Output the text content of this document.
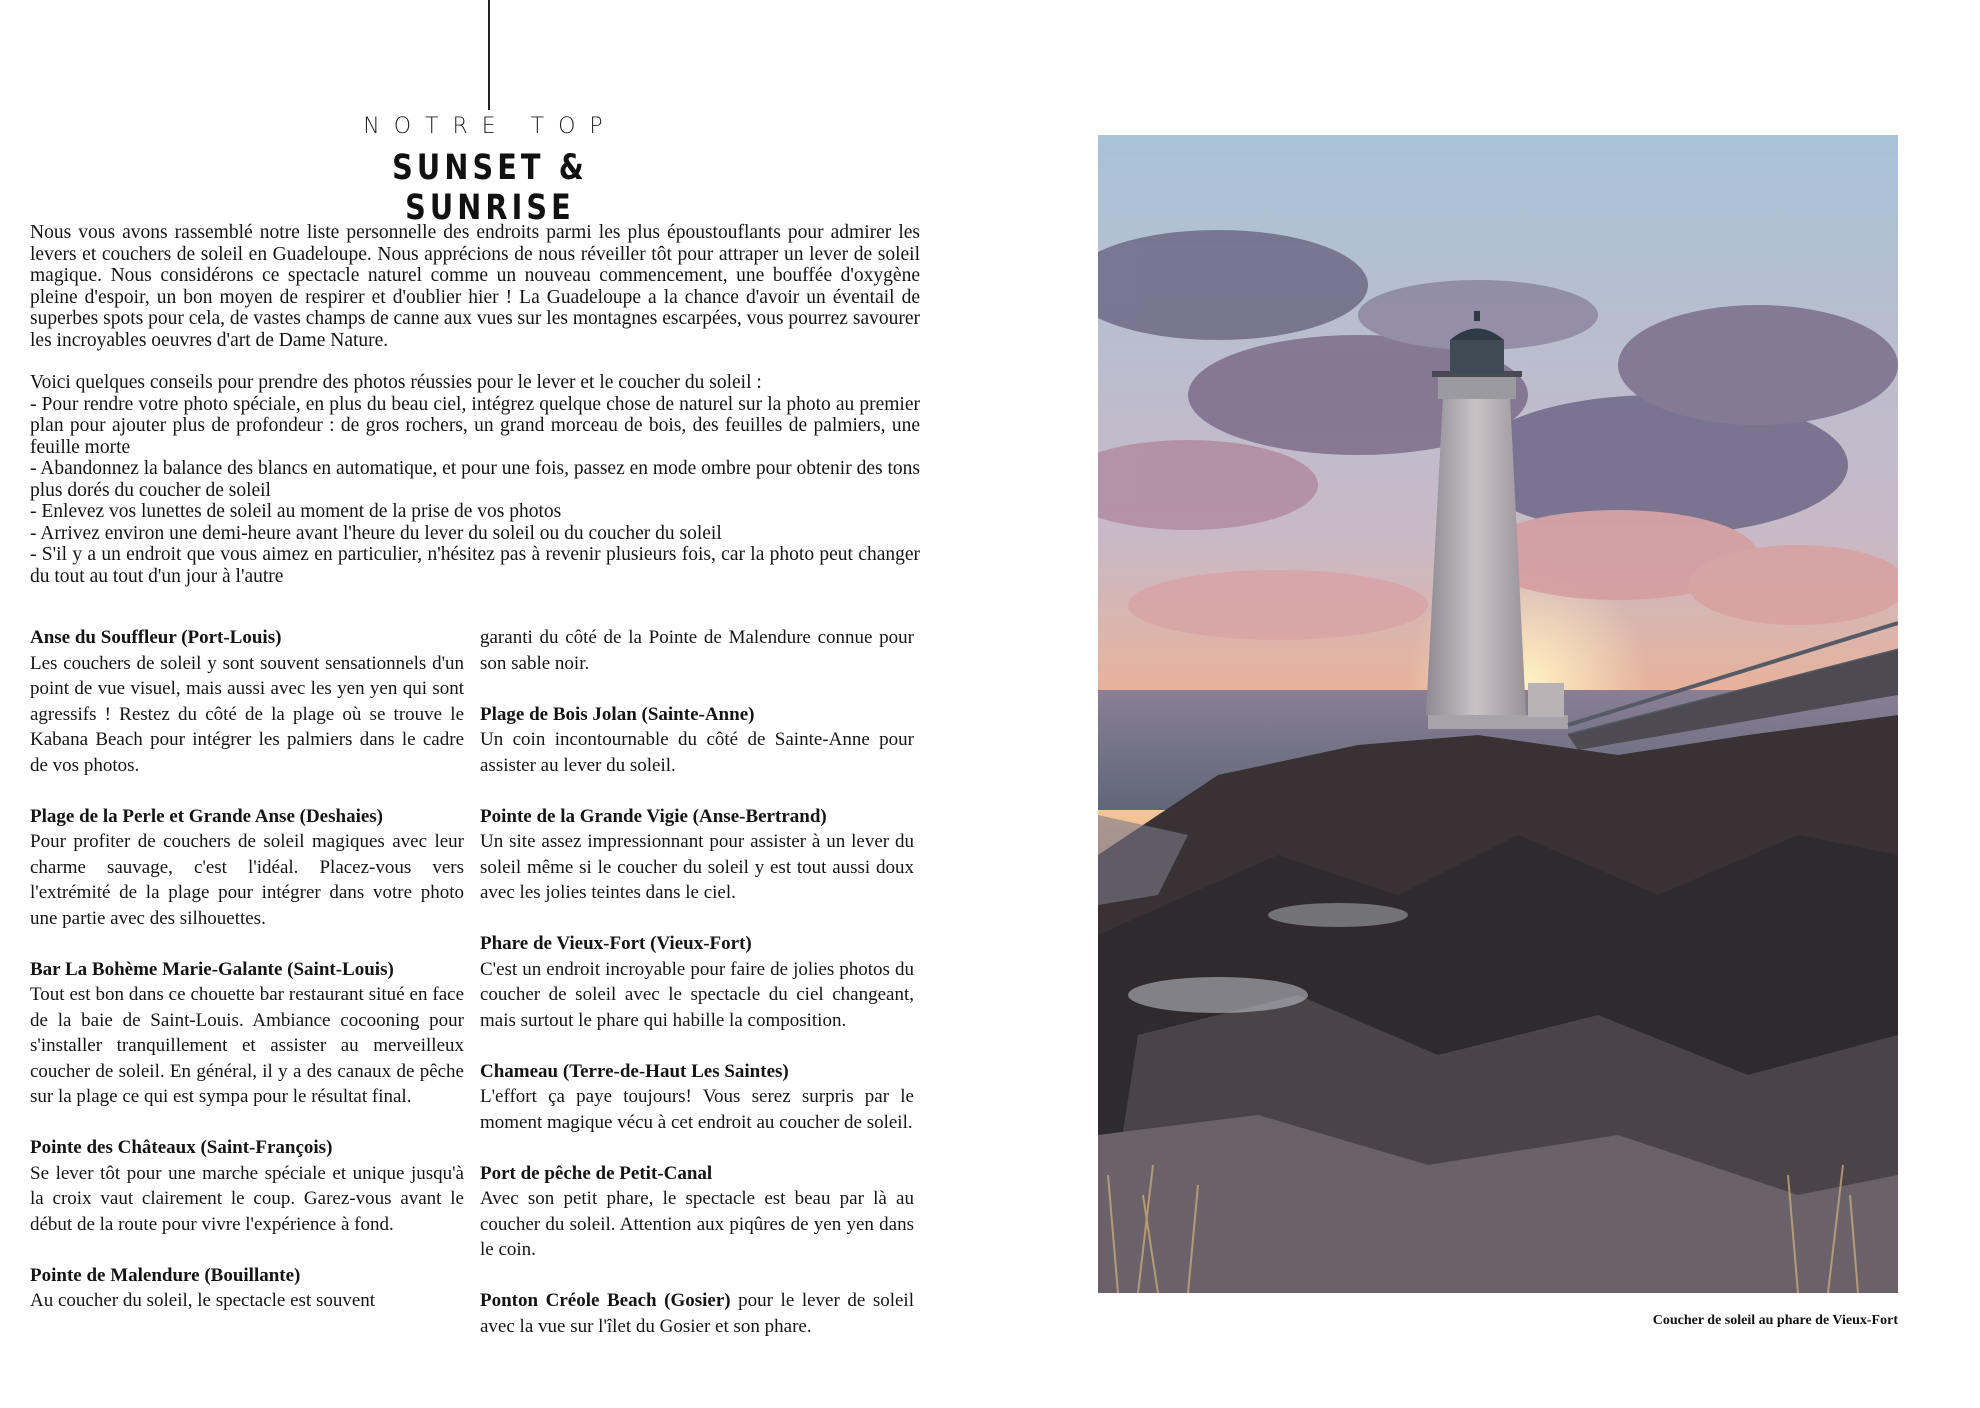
NOTRE TOP
SUNSET & SUNRISE

Nous vous avons rassemblé notre liste personnelle des endroits parmi les plus époustouflants pour admirer les levers et couchers de soleil en Guadeloupe. Nous apprécions de nous réveiller tôt pour attraper un lever de soleil magique. Nous considérons ce spectacle naturel comme un nouveau commencement, une bouffée d'oxygène pleine d'espoir, un bon moyen de respirer et d'oublier hier ! La Guadeloupe a la chance d'avoir un éventail de superbes spots pour cela, de vastes champs de canne aux vues sur les montagnes escarpées, vous pourrez savourer les incroyables oeuvres d'art de Dame Nature.

Voici quelques conseils pour prendre des photos réussies pour le lever et le coucher du soleil :
- Pour rendre votre photo spéciale, en plus du beau ciel, intégrez quelque chose de naturel sur la photo au premier plan pour ajouter plus de profondeur : de gros rochers, un grand morceau de bois, des feuilles de palmiers, une feuille morte
- Abandonnez la balance des blancs en automatique, et pour une fois, passez en mode ombre pour obtenir des tons plus dorés du coucher de soleil
- Enlevez vos lunettes de soleil au moment de la prise de vos photos
- Arrivez environ une demi-heure avant l'heure du lever du soleil ou du coucher du soleil
- S'il y a un endroit que vous aimez en particulier, n'hésitez pas à revenir plusieurs fois, car la photo peut changer du tout au tout d'un jour à l'autre
Anse du Souffleur (Port-Louis)
Les couchers de soleil y sont souvent sensationnels d'un point de vue visuel, mais aussi avec les yen yen qui sont agressifs ! Restez du côté de la plage où se trouve le Kabana Beach pour intégrer les palmiers dans le cadre de vos photos.
Plage de la Perle et Grande Anse (Deshaies)
Pour profiter de couchers de soleil magiques avec leur charme sauvage, c'est l'idéal. Placez-vous vers l'extrémité de la plage pour intégrer dans votre photo une partie avec des silhouettes.
Bar La Bohème Marie-Galante (Saint-Louis)
Tout est bon dans ce chouette bar restaurant situé en face de la baie de Saint-Louis. Ambiance cocooning pour s'installer tranquillement et assister au merveilleux coucher de soleil. En général, il y a des canaux de pêche sur la plage ce qui est sympa pour le résultat final.
Pointe des Châteaux (Saint-François)
Se lever tôt pour une marche spéciale et unique jusqu'à la croix vaut clairement le coup. Garez-vous avant le début de la route pour vivre l'expérience à fond.
Pointe de Malendure (Bouillante)
Au coucher du soleil, le spectacle est souvent
garanti du côté de la Pointe de Malendure connue pour son sable noir.
Plage de Bois Jolan (Sainte-Anne)
Un coin incontournable du côté de Sainte-Anne pour assister au lever du soleil.
Pointe de la Grande Vigie (Anse-Bertrand)
Un site assez impressionnant pour assister à un lever du soleil même si le coucher du soleil y est tout aussi doux avec les jolies teintes dans le ciel.
Phare de Vieux-Fort (Vieux-Fort)
C'est un endroit incroyable pour faire de jolies photos du coucher de soleil avec le spectacle du ciel changeant, mais surtout le phare qui habille la composition.
Chameau (Terre-de-Haut Les Saintes)
L'effort ça paye toujours! Vous serez surpris par le moment magique vécu à cet endroit au coucher de soleil.
Port de pêche de Petit-Canal
Avec son petit phare, le spectacle est beau par là au coucher du soleil. Attention aux piqûres de yen yen dans le coin.
Ponton Créole Beach (Gosier) pour le lever de soleil avec la vue sur l'îlet du Gosier et son phare.	Coucher de soleil au phare de Vieux-Fort
